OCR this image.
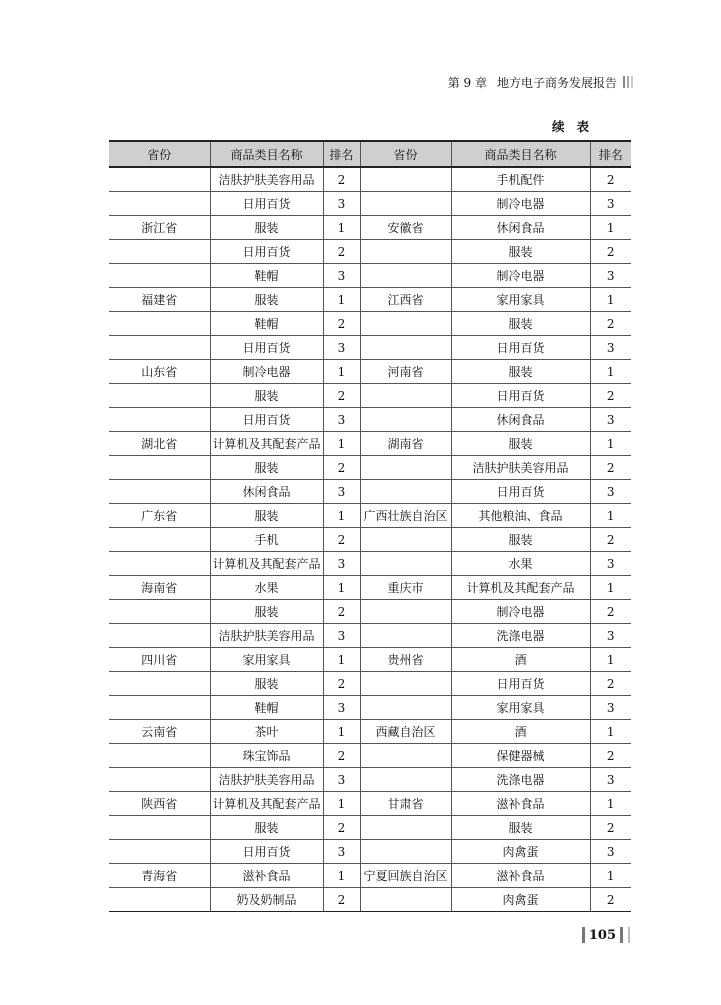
第 9 章 地方电子商务发展报告
续表
省份	商品类目名称	排名	省份	商品类目名称	排名
	洁肤护肤美容用品	2		手机配件	2
	日用百货	3		制冷电器	3
浙江省	服装	1	安徽省	休闲食品	1
	日用百货	2		服装	2
	鞋帽	3		制冷电器	3
福建省	服装	1	江西省	家用家具	1
	鞋帽	2		服装	2
	日用百货	3		日用百货	3
山东省	制冷电器	1	河南省	服装	1
	服装	2		日用百货	2
	日用百货	3		休闲食品	3
湖北省	计算机及其配套产品	1	湖南省	服装	1
	服装	2		洁肤护肤美容用品	2
	休闲食品	3		日用百货	3
广东省	服装	1	广西壮族自治区	其他粮油、食品	1
	手机	2		服装	2
	计算机及其配套产品	3		水果	3
海南省	水果	1	重庆市	计算机及其配套产品	1
	服装	2		制冷电器	2
	洁肤护肤美容用品	3		洗涤电器	3
四川省	家用家具	1	贵州省	酒	1
	服装	2		日用百货	2
	鞋帽	3		家用家具	3
云南省	茶叶	1	西藏自治区	酒	1
	珠宝饰品	2		保健器械	2
	洁肤护肤美容用品	3		洗涤电器	3
陕西省	计算机及其配套产品	1	甘肃省	滋补食品	1
	服装	2		服装	2
	日用百货	3		肉禽蛋	3
青海省	滋补食品	1	宁夏回族自治区	滋补食品	1
	奶及奶制品	2		肉禽蛋	2
105
